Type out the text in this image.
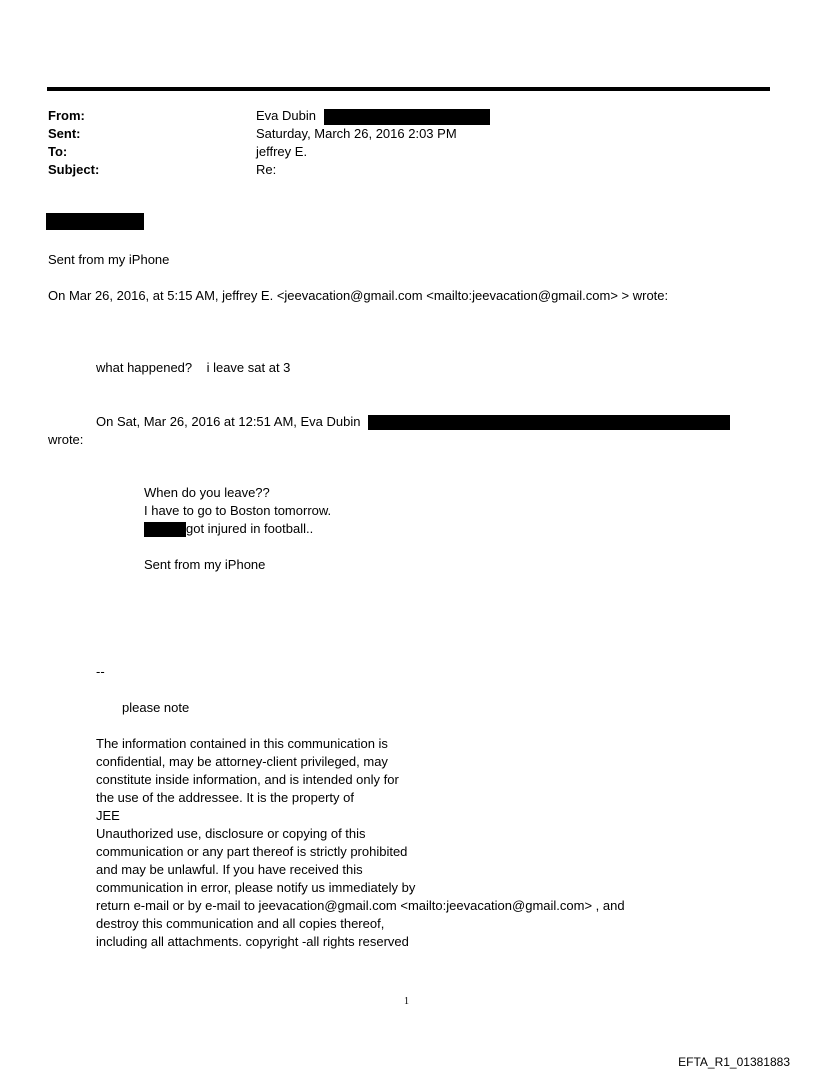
From:	Eva Dubin
Sent:	Saturday, March 26, 2016 2:03 PM
To:	jeffrey E.
Subject:	Re:
Sent from my iPhone
On Mar 26, 2016, at 5:15 AM, jeffrey E. <jeevacation@gmail.com <mailto:jeevacation@gmail.com> > wrote:
what happened?    i leave sat at 3
On Sat, Mar 26, 2016 at 12:51 AM, Eva Dubin
wrote:
When do you leave??
I have to go to Boston tomorrow.
got injured in football..
Sent from my iPhone
--
please note
The information contained in this communication is
confidential, may be attorney-client privileged, may
constitute inside information, and is intended only for
the use of the addressee. It is the property of
JEE
Unauthorized use, disclosure or copying of this
communication or any part thereof is strictly prohibited
and may be unlawful. If you have received this
communication in error, please notify us immediately by
return e-mail or by e-mail to jeevacation@gmail.com <mailto:jeevacation@gmail.com> , and
destroy this communication and all copies thereof,
including all attachments. copyright -all rights reserved
1
EFTA_R1_01381883
